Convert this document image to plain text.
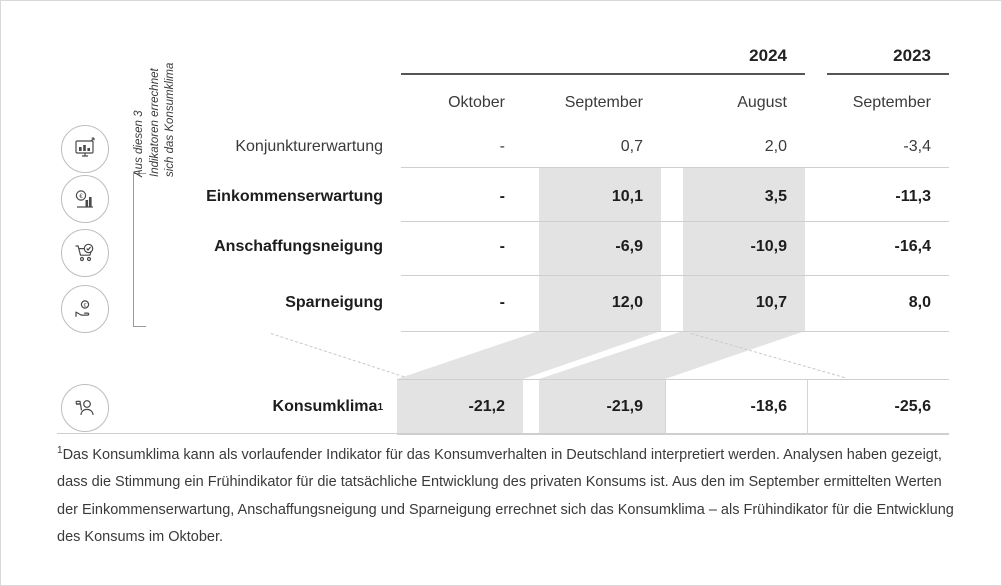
2024	2023
Oktober	September	August	September
Konjunkturerwartung	-	0,7	2,0	-3,4
€	Einkommenserwartung	-	10,1	3,5	-11,3
Anschaffungsneigung	-	-6,9	-10,9	-16,4
€	Sparneigung	-	12,0	10,7	8,0
Aus diesen 3 Indikatoren errechnet sich das Konsumklima
Konsumklima 1	-21,2	-21,9	-18,6	-25,6
$^1$Das Konsumklima kann als vorlaufender Indikator für das Konsumverhalten in Deutschland interpretiert werden. Analysen haben gezeigt, dass die Stimmung ein Frühindikator für die tatsächliche Entwicklung des privaten Konsums ist. Aus den im September ermittelten Werten der Einkommenserwartung, Anschaffungsneigung und Sparneigung errechnet sich das Konsumklima – als Frühindikator für die Entwicklung des Konsums im Oktober.
